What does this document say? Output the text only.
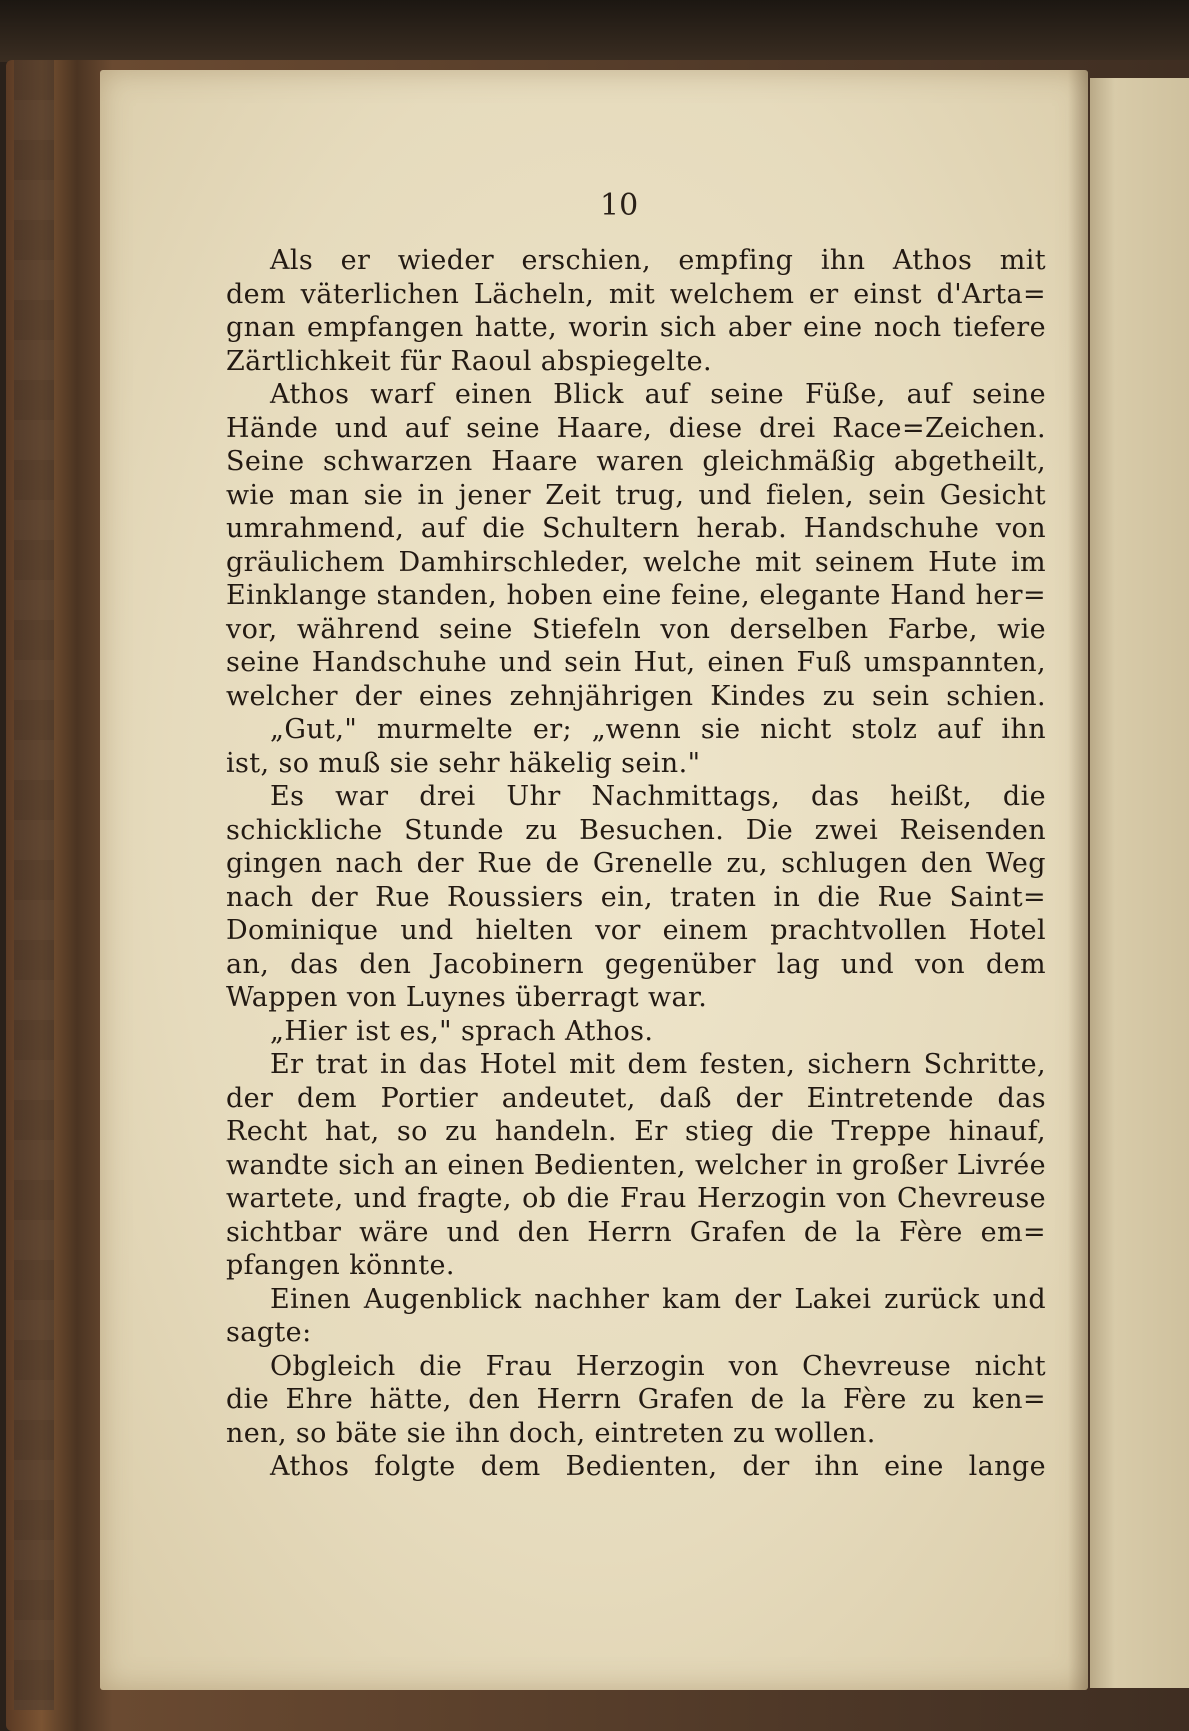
10
Als er wieder erschien, empfing ihn Athos mit
dem väterlichen Lächeln, mit welchem er einst d'Arta=
gnan empfangen hatte, worin sich aber eine noch tiefere
Zärtlichkeit für Raoul abspiegelte.
Athos warf einen Blick auf seine Füße, auf seine
Hände und auf seine Haare, diese drei Race=Zeichen.
Seine schwarzen Haare waren gleichmäßig abgetheilt,
wie man sie in jener Zeit trug, und fielen, sein Gesicht
umrahmend, auf die Schultern herab. Handschuhe von
gräulichem Damhirschleder, welche mit seinem Hute im
Einklange standen, hoben eine feine, elegante Hand her=
vor, während seine Stiefeln von derselben Farbe, wie
seine Handschuhe und sein Hut, einen Fuß umspannten,
welcher der eines zehnjährigen Kindes zu sein schien.
„Gut," murmelte er; „wenn sie nicht stolz auf ihn
ist, so muß sie sehr häkelig sein."
Es war drei Uhr Nachmittags, das heißt, die
schickliche Stunde zu Besuchen. Die zwei Reisenden
gingen nach der Rue de Grenelle zu, schlugen den Weg
nach der Rue Roussiers ein, traten in die Rue Saint=
Dominique und hielten vor einem prachtvollen Hotel
an, das den Jacobinern gegenüber lag und von dem
Wappen von Luynes überragt war.
„Hier ist es," sprach Athos.
Er trat in das Hotel mit dem festen, sichern Schritte,
der dem Portier andeutet, daß der Eintretende das
Recht hat, so zu handeln. Er stieg die Treppe hinauf,
wandte sich an einen Bedienten, welcher in großer Livrée
wartete, und fragte, ob die Frau Herzogin von Chevreuse
sichtbar wäre und den Herrn Grafen de la Fère em=
pfangen könnte.
Einen Augenblick nachher kam der Lakei zurück und
sagte:
Obgleich die Frau Herzogin von Chevreuse nicht
die Ehre hätte, den Herrn Grafen de la Fère zu ken=
nen, so bäte sie ihn doch, eintreten zu wollen.
Athos folgte dem Bedienten, der ihn eine lange
